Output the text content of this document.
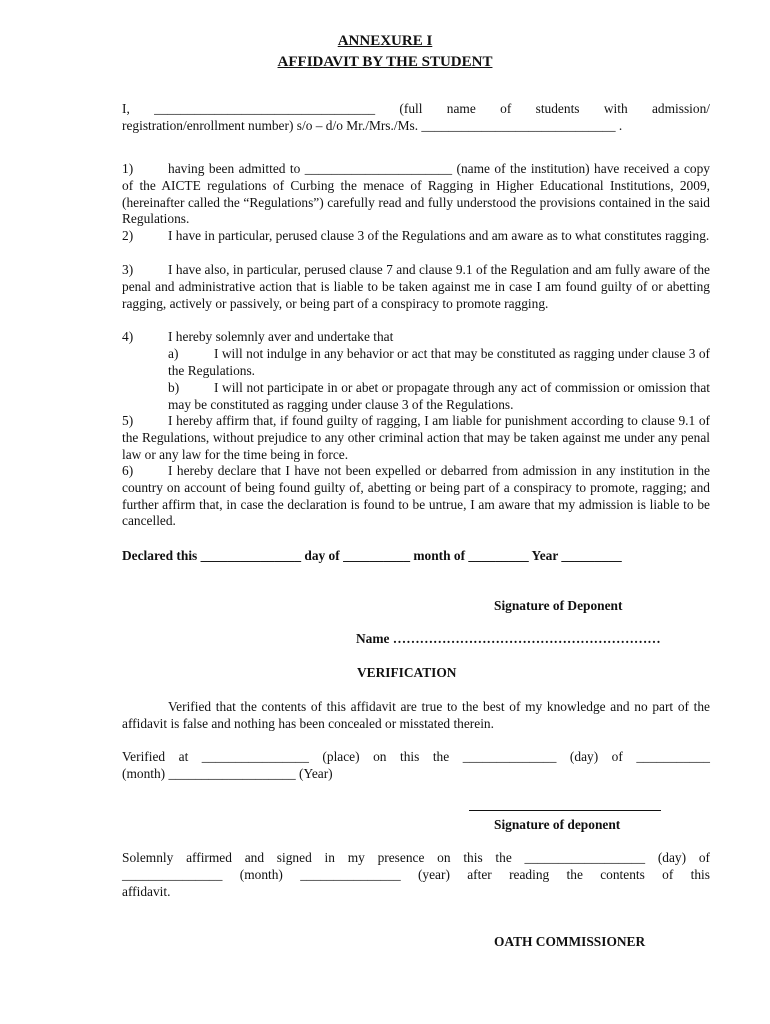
ANNEXURE I
AFFIDAVIT BY THE STUDENT
I, _________________________________ (full name of students with admission/
registration/enrollment number) s/o – d/o Mr./Mrs./Ms. _____________________________ .
1)	having been admitted to ______________________ (name of the institution) have received a copy of the AICTE regulations of Curbing the menace of Ragging in Higher Educational Institutions, 2009, (hereinafter called the “Regulations”) carefully read and fully understood the provisions contained in the said Regulations.
2)	I have in particular, perused clause 3 of the Regulations and am aware as to what constitutes ragging.
3)	I have also, in particular, perused clause 7 and clause 9.1 of the Regulation and am fully aware of the penal and administrative action that is liable to be taken against me in case I am found guilty of or abetting ragging, actively or passively, or being part of a conspiracy to promote ragging.
4)	I hereby solemnly aver and undertake that
a)	I will not indulge in any behavior or act that may be constituted as ragging under clause 3 of the Regulations.
b)	I will not participate in or abet or propagate through any act of commission or omission that may be constituted as ragging under clause 3 of the Regulations.
5)	I hereby affirm that, if found guilty of ragging, I am liable for punishment according to clause 9.1 of the Regulations, without prejudice to any other criminal action that may be taken against me under any penal law or any law for the time being in force.
6)	I hereby declare that I have not been expelled or debarred from admission in any institution in the country on account of being found guilty of, abetting or being part of a conspiracy to promote, ragging; and further affirm that, in case the declaration is found to be untrue, I am aware that my admission is liable to be cancelled.
Declared this _______________ day of __________ month of _________ Year _________
Signature of Deponent
Name ……………………………………………………
VERIFICATION
Verified that the contents of this affidavit are true to the best of my knowledge and no part of the affidavit is false and nothing has been concealed or misstated therein.
Verified at ________________ (place) on this the ______________ (day) of ___________
(month) ___________________ (Year)
Signature of deponent
Solemnly affirmed and signed in my presence on this the __________________ (day) of
_______________ (month) _______________ (year) after reading the contents of this
affidavit.
OATH COMMISSIONER
